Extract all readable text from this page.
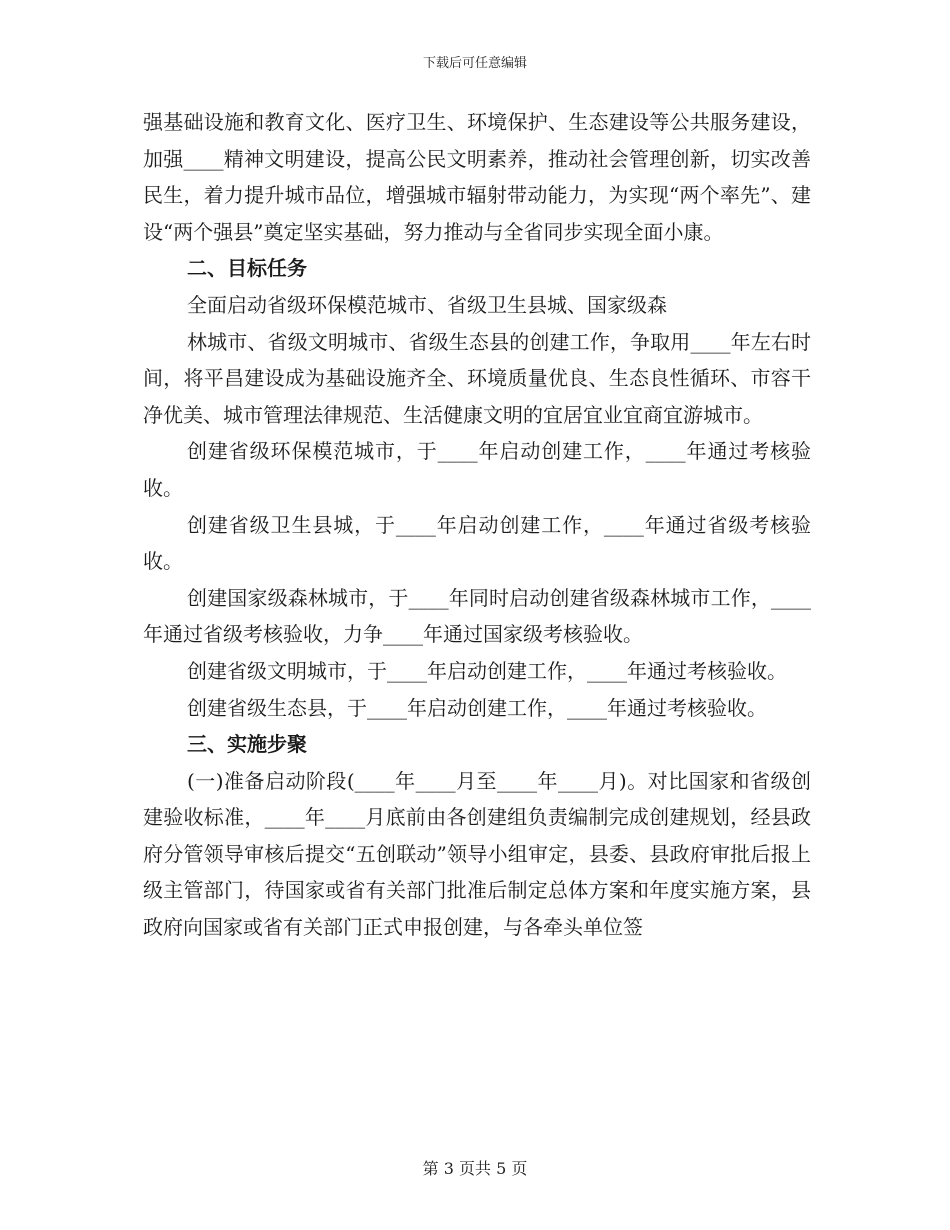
下载后可任意编辑

强基础设施和教育文化、医疗卫生、环境保护、生态建设等公共服务建设，加强____精神文明建设，提高公民文明素养，推动社会管理创新，切实改善民生，着力提升城市品位，增强城市辐射带动能力，为实现“两个率先”、建设“两个强县”奠定坚实基础，努力推动与全省同步实现全面小康。

二、目标任务

全面启动省级环保模范城市、省级卫生县城、国家级森

林城市、省级文明城市、省级生态县的创建工作，争取用____年左右时间，将平昌建设成为基础设施齐全、环境质量优良、生态良性循环、市容干净优美、城市管理法律规范、生活健康文明的宜居宜业宜商宜游城市。

创建省级环保模范城市，于____年启动创建工作，____年通过考核验收。

创建省级卫生县城，于____年启动创建工作，____年通过省级考核验收。

创建国家级森林城市，于____年同时启动创建省级森林城市工作，____年通过省级考核验收，力争____年通过国家级考核验收。

创建省级文明城市，于____年启动创建工作，____年通过考核验收。

创建省级生态县，于____年启动创建工作，____年通过考核验收。

三、实施步聚

(一)准备启动阶段(____年____月至____年____月)。对比国家和省级创建验收标准，____年____月底前由各创建组负责编制完成创建规划，经县政府分管领导审核后提交“五创联动”领导小组审定，县委、县政府审批后报上级主管部门，待国家或省有关部门批准后制定总体方案和年度实施方案，县政府向国家或省有关部门正式申报创建，与各牵头单位签

第 3 页共 5 页
